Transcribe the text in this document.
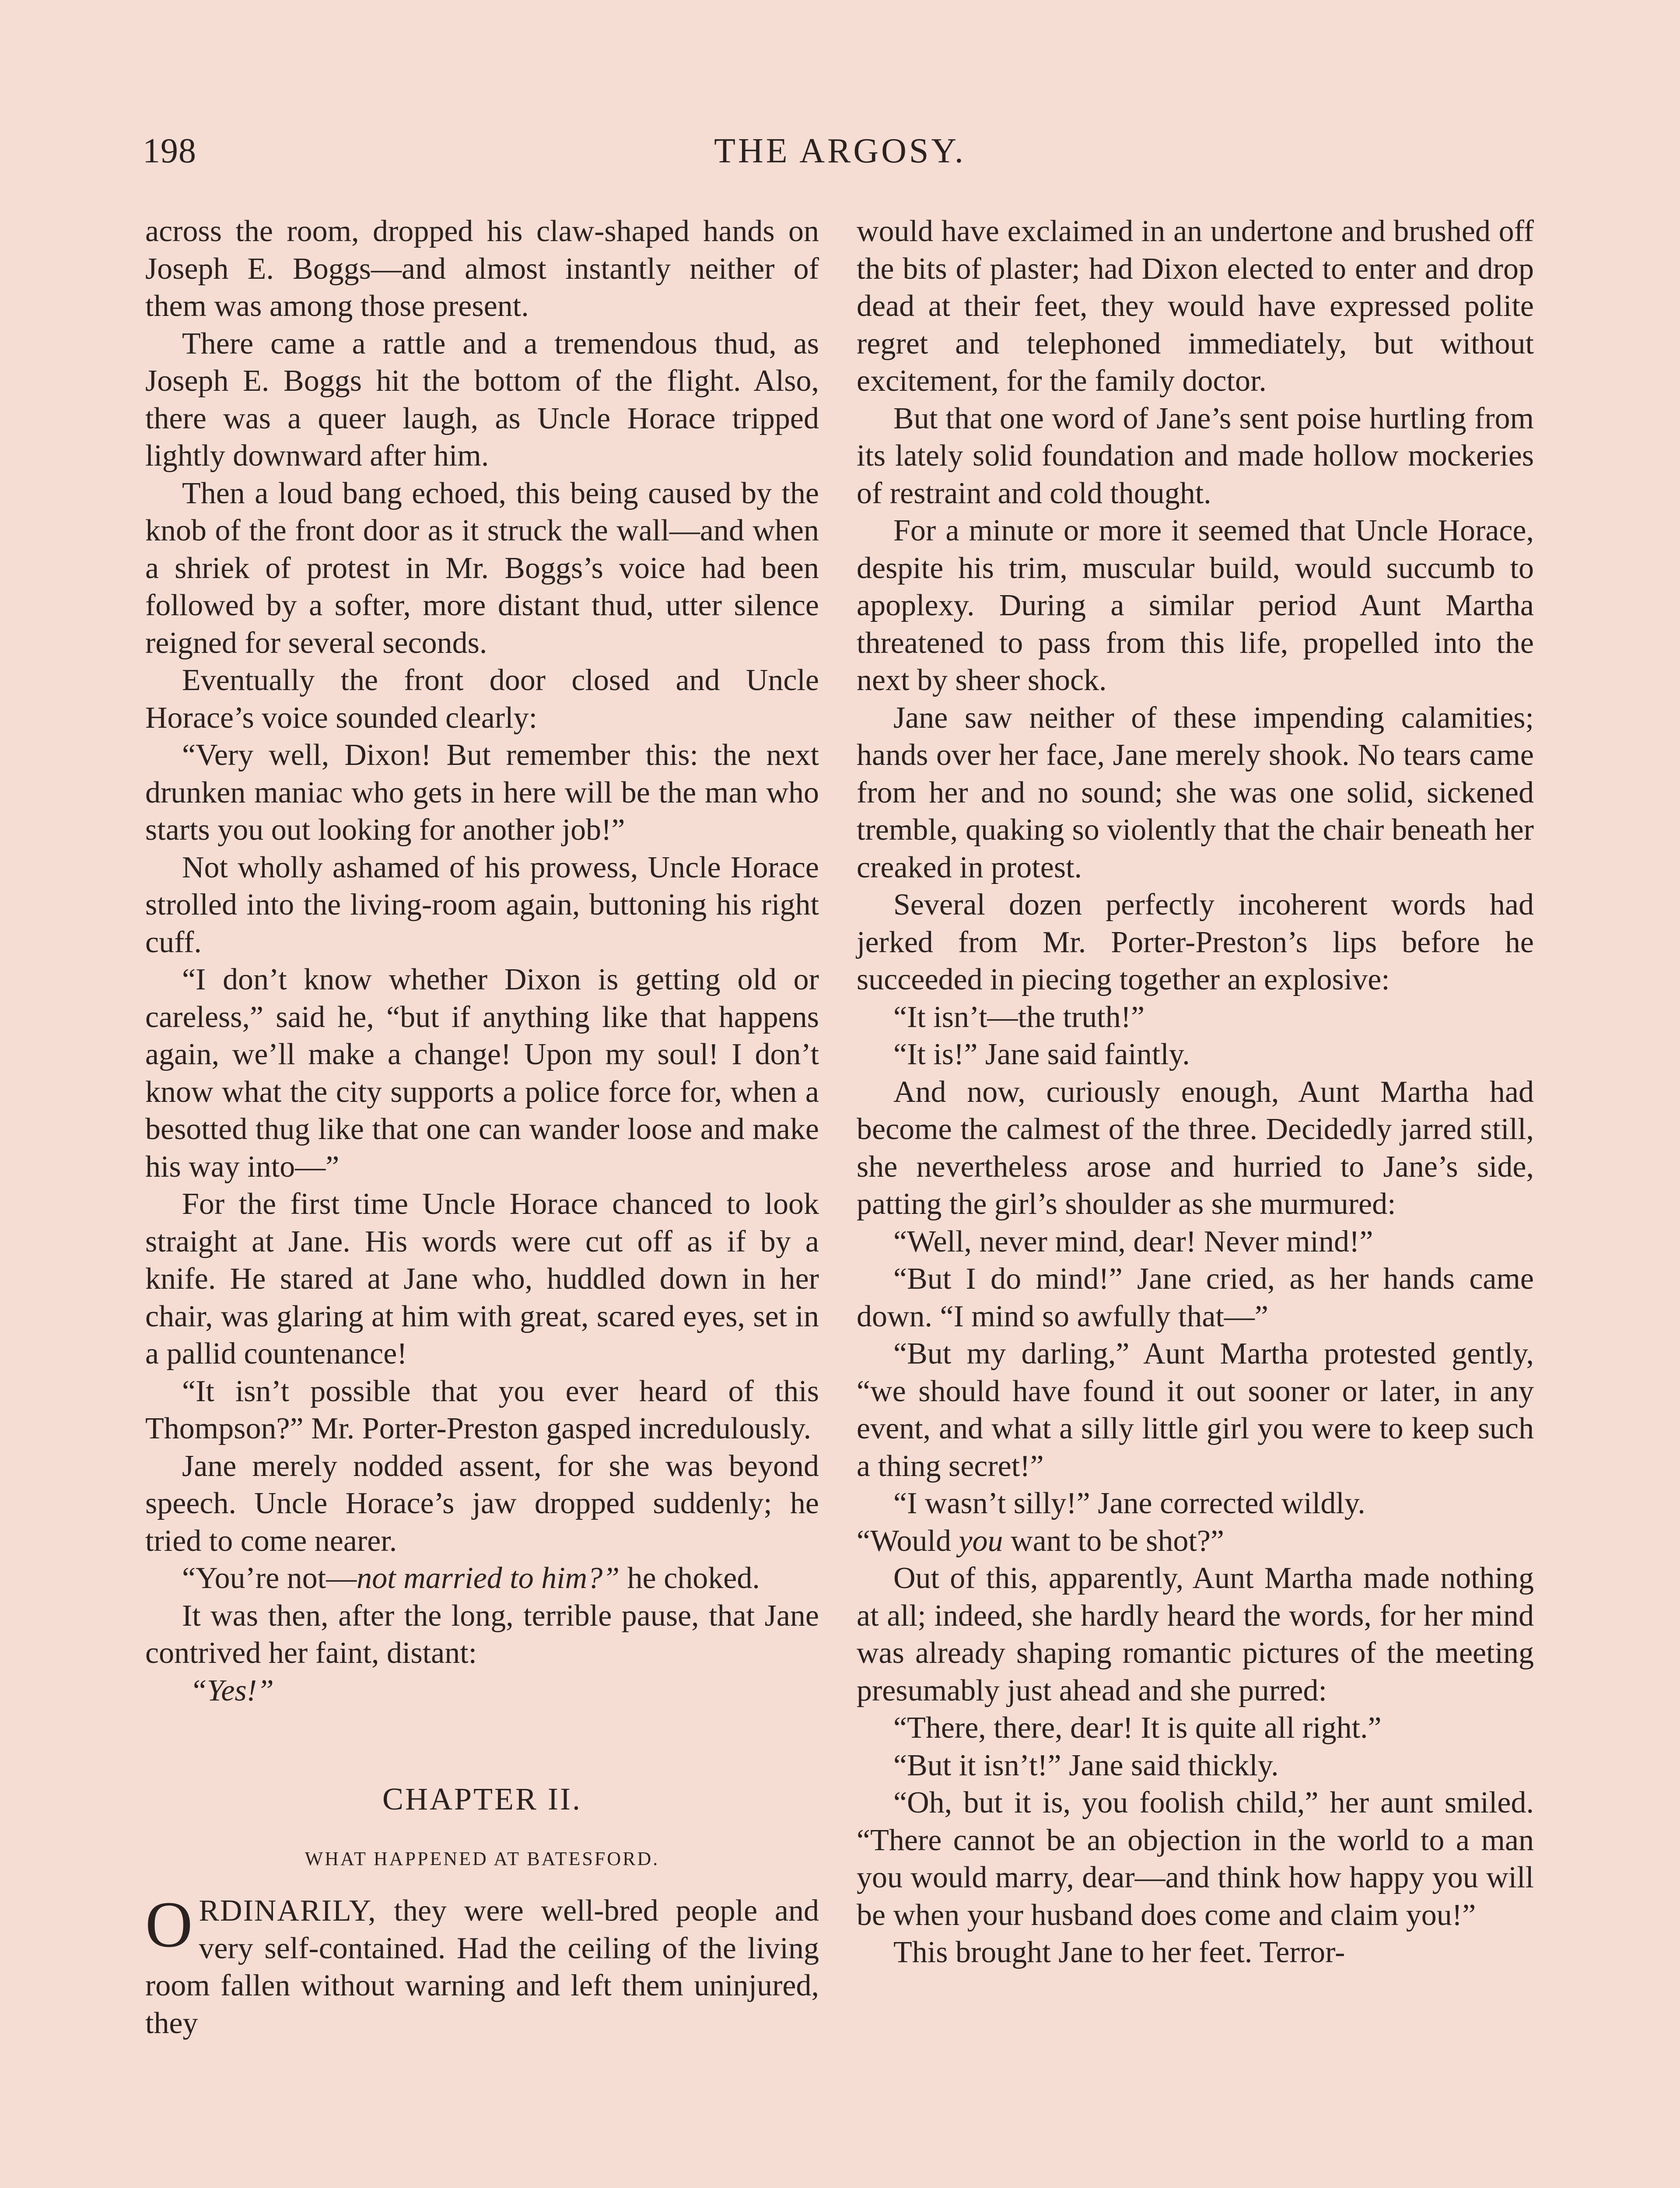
198	THE ARGOSY.

across the room, dropped his claw-shaped hands on Joseph E. Boggs—and almost instantly neither of them was among those present.

There came a rattle and a tremendous thud, as Joseph E. Boggs hit the bottom of the flight. Also, there was a queer laugh, as Uncle Horace tripped lightly downward after him.

Then a loud bang echoed, this being caused by the knob of the front door as it struck the wall—and when a shriek of protest in Mr. Boggs’s voice had been followed by a softer, more distant thud, utter silence reigned for several seconds.

Eventually the front door closed and Uncle Horace’s voice sounded clearly:

“Very well, Dixon! But remember this: the next drunken maniac who gets in here will be the man who starts you out looking for another job!”

Not wholly ashamed of his prowess, Uncle Horace strolled into the living-room again, buttoning his right cuff.

“I don’t know whether Dixon is getting old or careless,” said he, “but if anything like that happens again, we’ll make a change! Upon my soul! I don’t know what the city supports a police force for, when a besotted thug like that one can wander loose and make his way into—”

For the first time Uncle Horace chanced to look straight at Jane. His words were cut off as if by a knife. He stared at Jane who, huddled down in her chair, was glaring at him with great, scared eyes, set in a pallid countenance!

“It isn’t possible that you ever heard of this Thompson?” Mr. Porter-Preston gasped incredulously.

Jane merely nodded assent, for she was beyond speech. Uncle Horace’s jaw dropped suddenly; he tried to come nearer.

“You’re not—not married to him?” he choked.

It was then, after the long, terrible pause, that Jane contrived her faint, distant:

“Yes!”

CHAPTER II.
WHAT HAPPENED AT BATESFORD.

ORDINARILY, they were well-bred people and very self-contained. Had the ceiling of the living room fallen without warning and left them uninjured, they

would have exclaimed in an undertone and brushed off the bits of plaster; had Dixon elected to enter and drop dead at their feet, they would have expressed polite regret and telephoned immediately, but without excitement, for the family doctor.

But that one word of Jane’s sent poise hurtling from its lately solid foundation and made hollow mockeries of restraint and cold thought.

For a minute or more it seemed that Uncle Horace, despite his trim, muscular build, would succumb to apoplexy. During a similar period Aunt Martha threatened to pass from this life, propelled into the next by sheer shock.

Jane saw neither of these impending calamities; hands over her face, Jane merely shook. No tears came from her and no sound; she was one solid, sickened tremble, quaking so violently that the chair beneath her creaked in protest.

Several dozen perfectly incoherent words had jerked from Mr. Porter-Preston’s lips before he succeeded in piecing together an explosive:

“It isn’t—the truth!”

“It is!” Jane said faintly.

And now, curiously enough, Aunt Martha had become the calmest of the three. Decidedly jarred still, she nevertheless arose and hurried to Jane’s side, patting the girl’s shoulder as she murmured:

“Well, never mind, dear! Never mind!”

“But I do mind!” Jane cried, as her hands came down. “I mind so awfully that—”

“But my darling,” Aunt Martha protested gently, “we should have found it out sooner or later, in any event, and what a silly little girl you were to keep such a thing secret!”

“I wasn’t silly!” Jane corrected wildly.

“Would you want to be shot?”

Out of this, apparently, Aunt Martha made nothing at all; indeed, she hardly heard the words, for her mind was already shaping romantic pictures of the meeting presumably just ahead and she purred:

“There, there, dear! It is quite all right.”

“But it isn’t!” Jane said thickly.

“Oh, but it is, you foolish child,” her aunt smiled. “There cannot be an objection in the world to a man you would marry, dear—and think how happy you will be when your husband does come and claim you!”

This brought Jane to her feet. Terror-
